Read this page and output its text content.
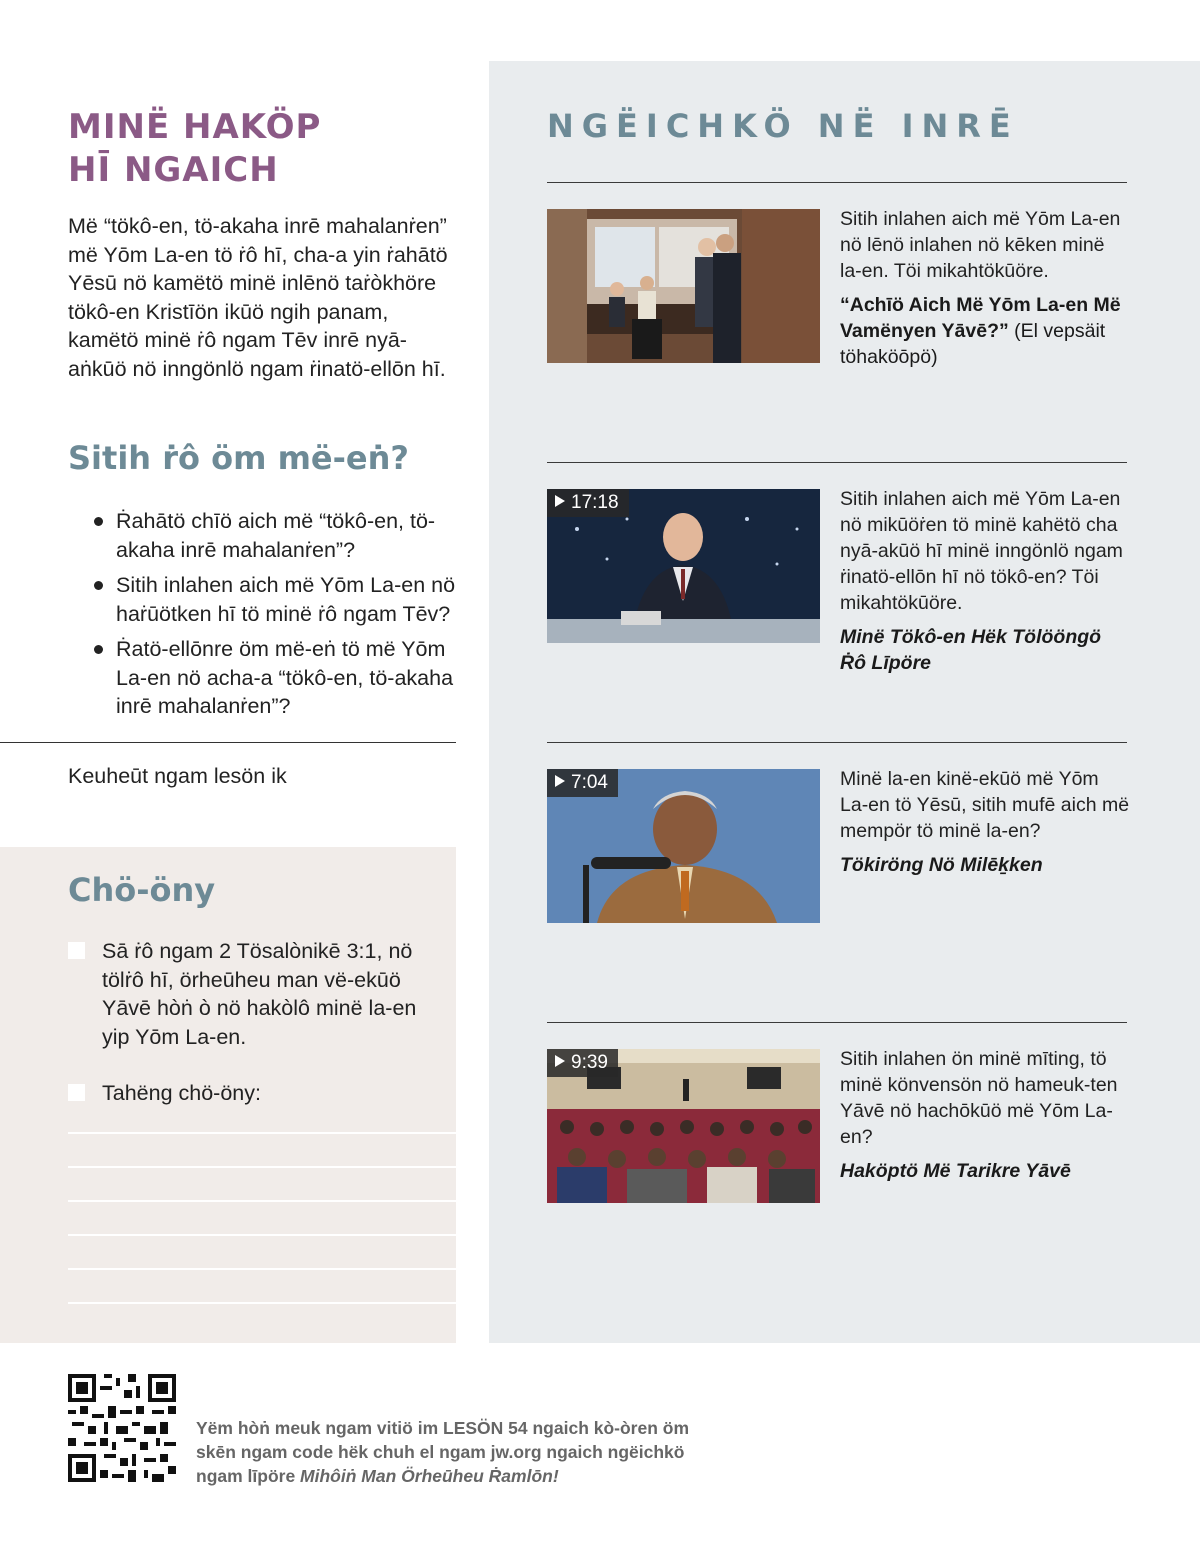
MINË HAKÖP
HĪ NGAICH

Më “tökô-en, tö-akaha inrē mahalanṙen” më Yōm La-en tö ṙô hī, cha-a yin ṙahātö Yēsū nö kamëtö minë inlēnö taṙòkhöre tökô-en Kristīön ikūö ngih panam, kamëtö minë ṙô ngam Tēv inrē nyā-aṅkūö nö inngönlö ngam ṙinatö-ellōn hī.

Sitih ṙô öm më-eṅ?
Ṙahātö chīö aich më “tökô-en, tö-akaha inrē mahalanṙen”?
Sitih inlahen aich më Yōm La-en nö haṙūötken hī tö minë ṙô ngam Tēv?
Ṙatö-ellōnre öm më-eṅ tö më Yōm La-en nö acha-a “tökô-en, tö-akaha inrē mahalanṙen”?

Keuheūt ngam lesön ik

Chö-öny
Sā ṙô ngam 2 Tösalònikē 3:1, nö tölṙô hī, örheūheu man vë-ekūö Yāvē hòṅ ò nö hakòlô minë la-en yip Yōm La-en.
Tahëng chö-öny:
NGËICHKÖ NË INRĒ

Sitih inlahen aich më Yōm La-en nö lēnö inlahen nö kēken minë la-en. Töi mikahtökūöre.

“Achīö Aich Më Yōm La-en Më Vamënyen Yāvē?” (El vepsäit töhaköōpö)

17:18	Sitih inlahen aich më Yōm La-en nö mikūöṙen tö minë kahëtö cha nyā-akūö hī minë inngönlö ngam ṙinatö-ellōn hī nö tökô-en? Töi mikahtökūöre.

Minë Tökô-en Hëk Tölööngö Ṙô Līpöre

7:04	Minë la-en kinë-ekūö më Yōm La-en tö Yēsū, sitih mufē aich më mempör tö minë la-en?

Tökiröng Nö Milēḵken

9:39	Sitih inlahen ön minë mīting, tö minë könvensön nö hameuk-ten Yāvē nö hachōkūö më Yōm La-en?

Haköptö Më Tarikre Yāvē

Yëm hòṅ meuk ngam vitiö im LESÖN 54 ngaich kò-òren öm skēn ngam code hëk chuh el ngam jw.org ngaich ngëichkö ngam līpöre Mihôiṅ Man Örheūheu Ṙamlōn!
